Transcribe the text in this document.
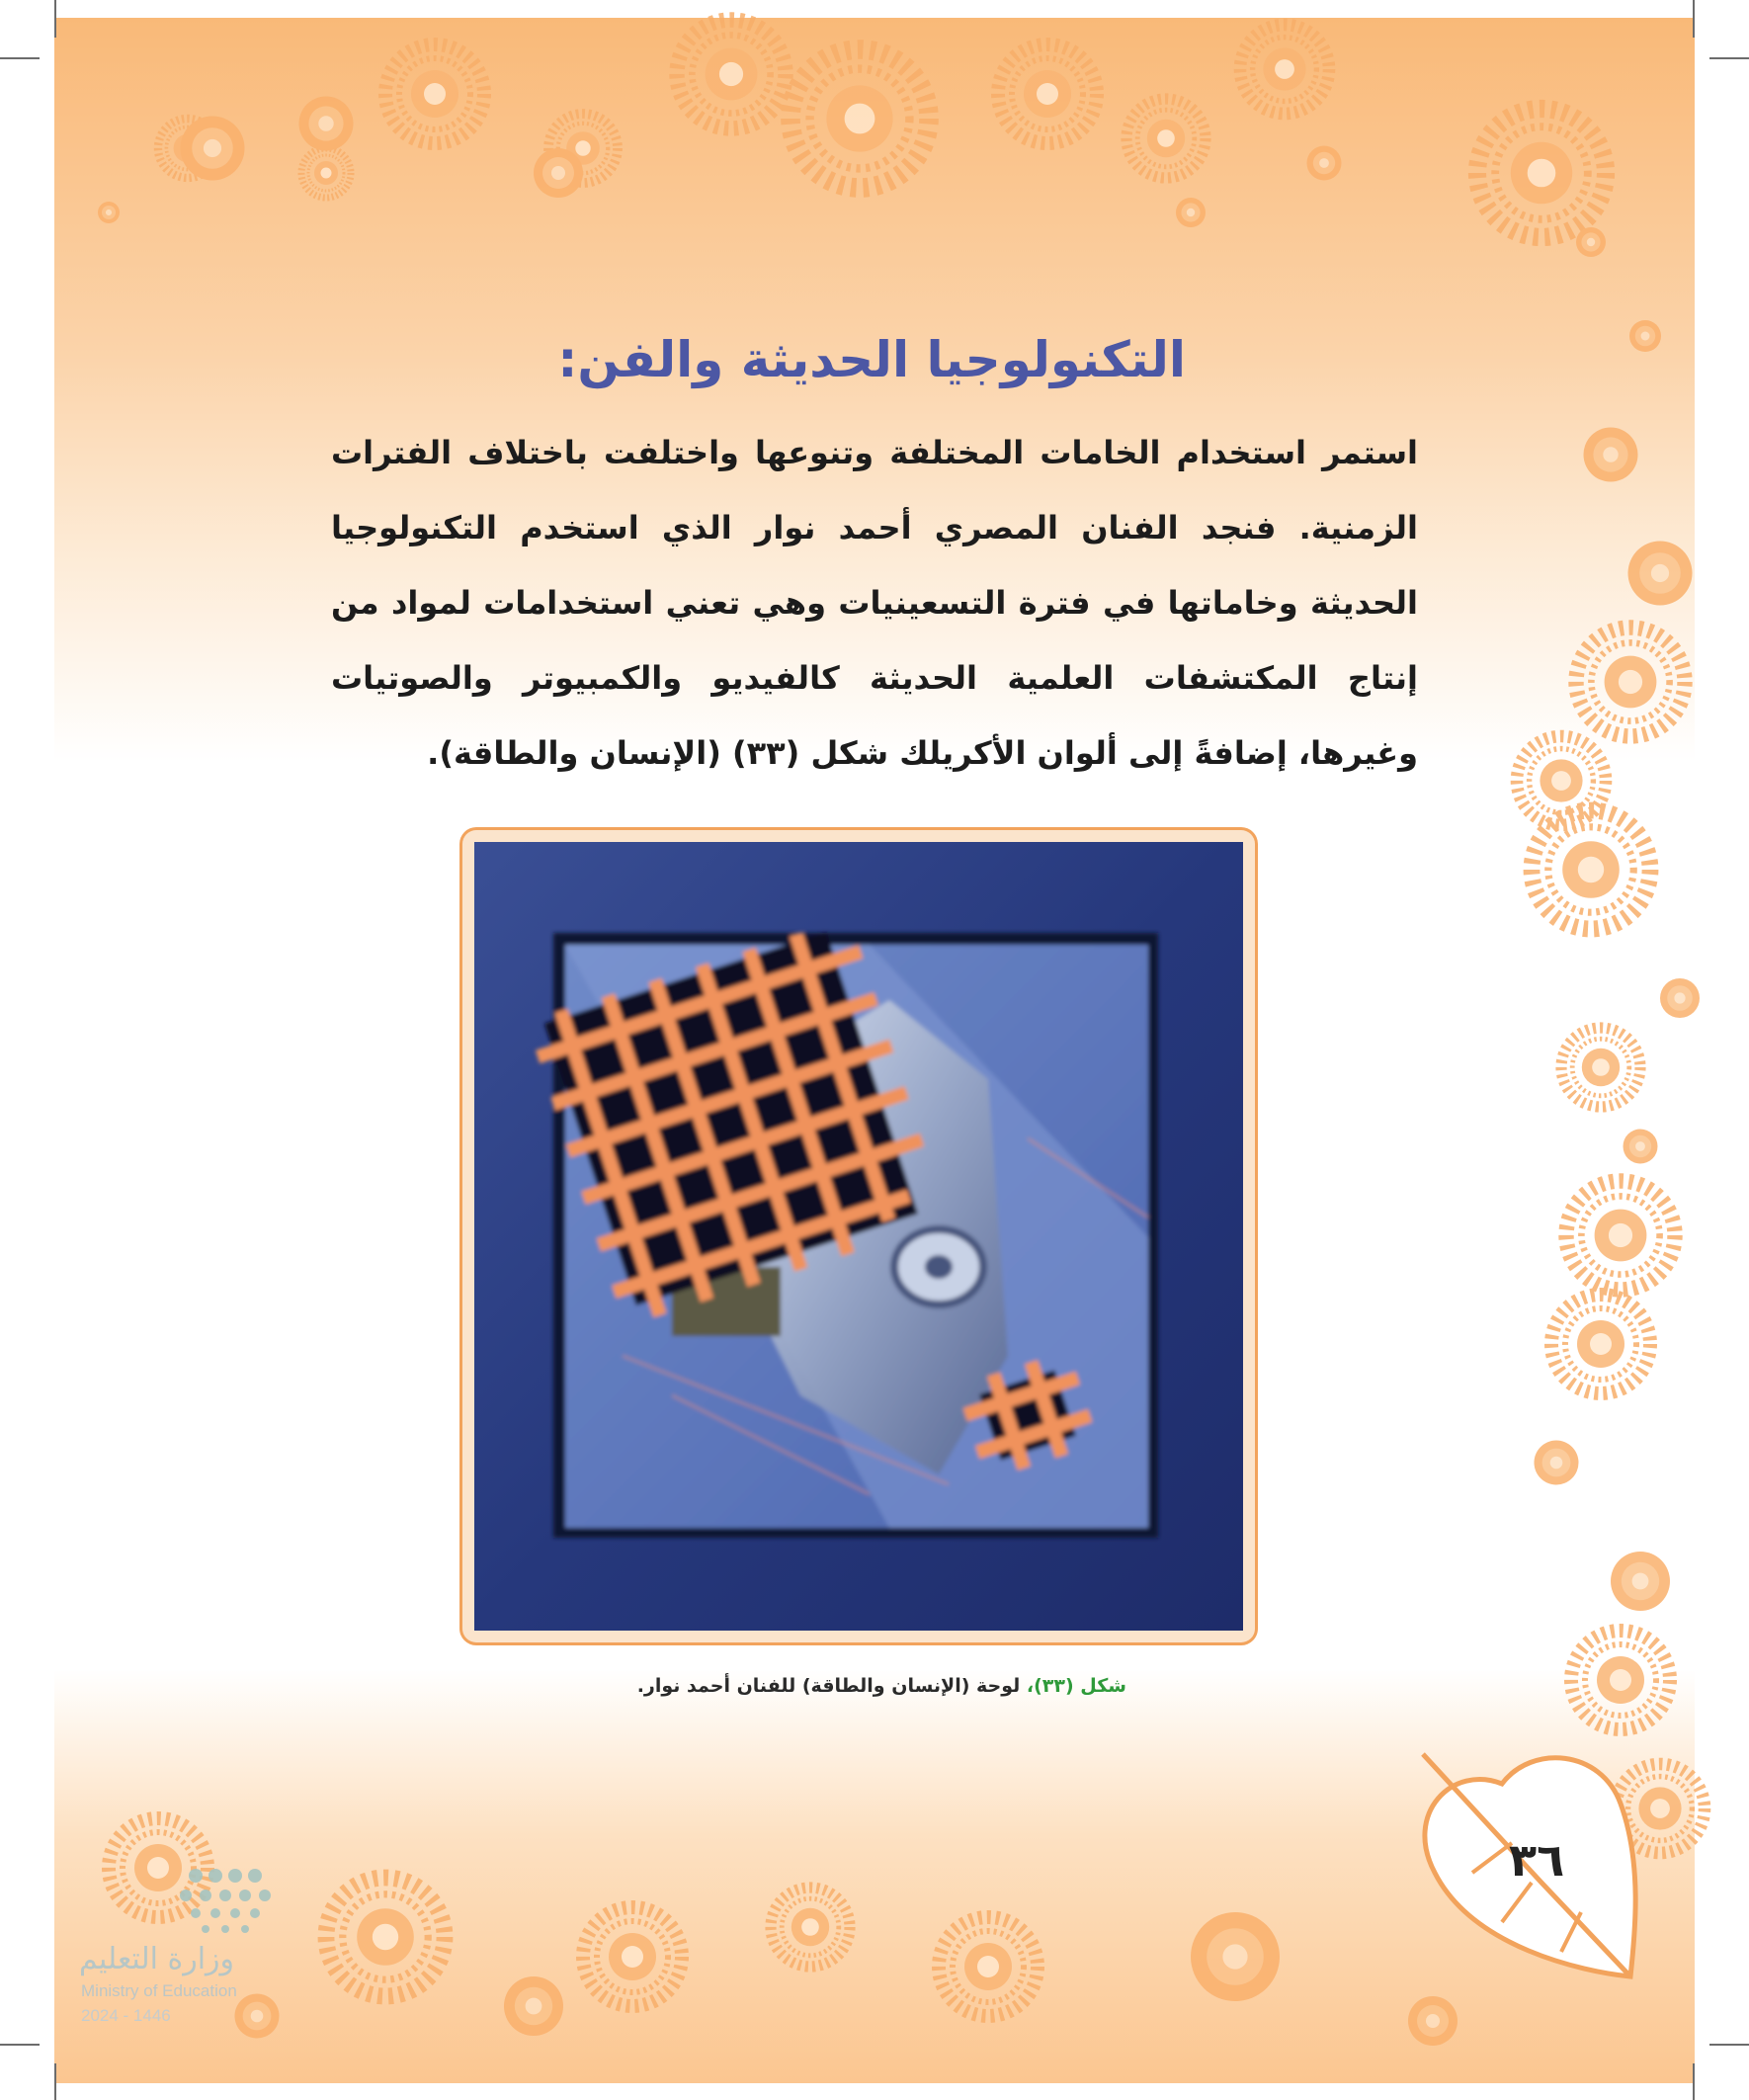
التكنولوجيا الحديثة والفن:

استمر استخدام الخامات المختلفة وتنوعها واختلفت باختلاف الفترات الزمنية. فنجد الفنان المصري أحمد نوار الذي استخدم التكنولوجيا الحديثة وخاماتها في فترة التسعينيات وهي تعني استخدامات لمواد من إنتاج المكتشفات العلمية الحديثة كالفيديو والكمبيوتر والصوتيات وغيرها، إضافةً إلى ألوان الأكريلك شكل (٣٣) (الإنسان والطاقة).

شكل (٣٣)، لوحة (الإنسان والطاقة) للفنان أحمد نوار.
٣٦
وزارة التعليم
Ministry of Education
2024 - 1446
